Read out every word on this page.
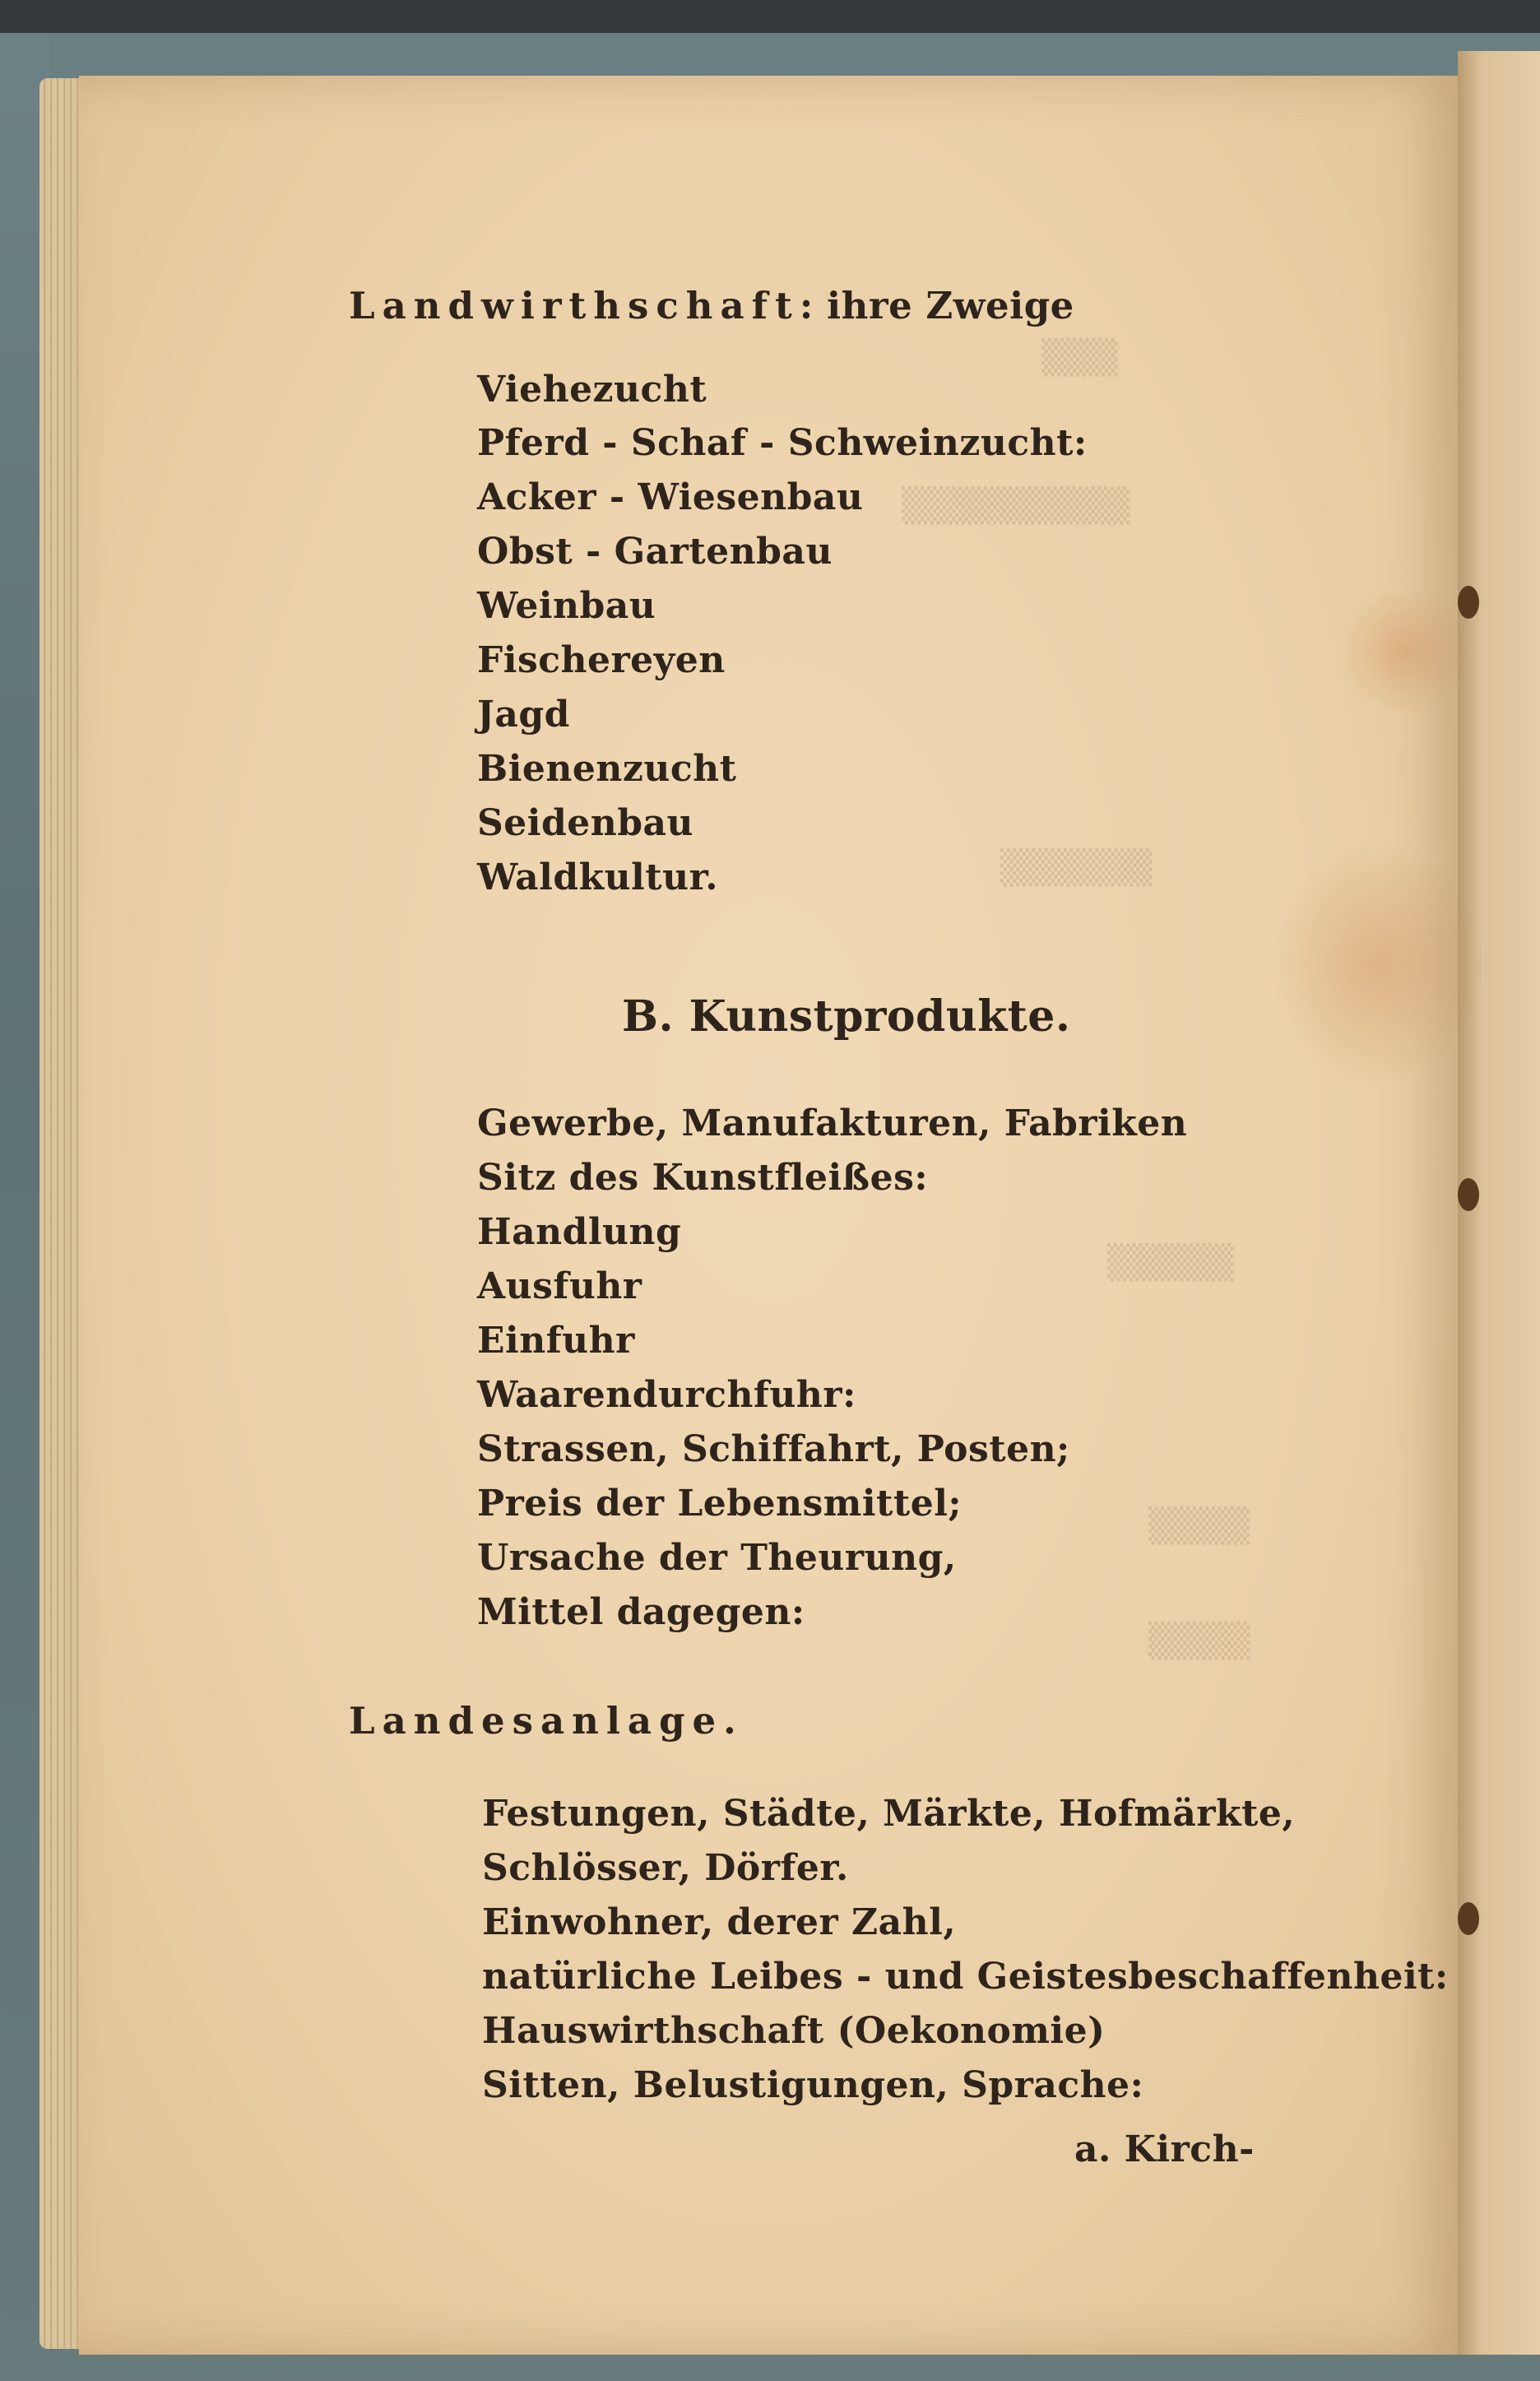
▒▒▒
▒▒▒▒▒▒▒▒▒
▒▒▒▒▒▒
▒▒▒▒▒
▒▒▒▒
▒▒▒▒
Landwirthschaft: ihre Zweige
Viehezucht
Pferd - Schaf - Schweinzucht:
Acker - Wiesenbau
Obst - Gartenbau
Weinbau
Fischereyen
Jagd
Bienenzucht
Seidenbau
Waldkultur.
B. Kunstprodukte.
Gewerbe, Manufakturen, Fabriken
Sitz des Kunstfleißes:
Handlung
Ausfuhr
Einfuhr
Waarendurchfuhr:
Strassen, Schiffahrt, Posten;
Preis der Lebensmittel;
Ursache der Theurung,
Mittel dagegen:
Landesanlage.
Festungen, Städte, Märkte, Hofmärkte,
Schlösser, Dörfer.
Einwohner, derer Zahl,
natürliche Leibes - und Geistesbeschaffenheit:
Hauswirthschaft (Oekonomie)
Sitten, Belustigungen, Sprache:
a. Kirch-
